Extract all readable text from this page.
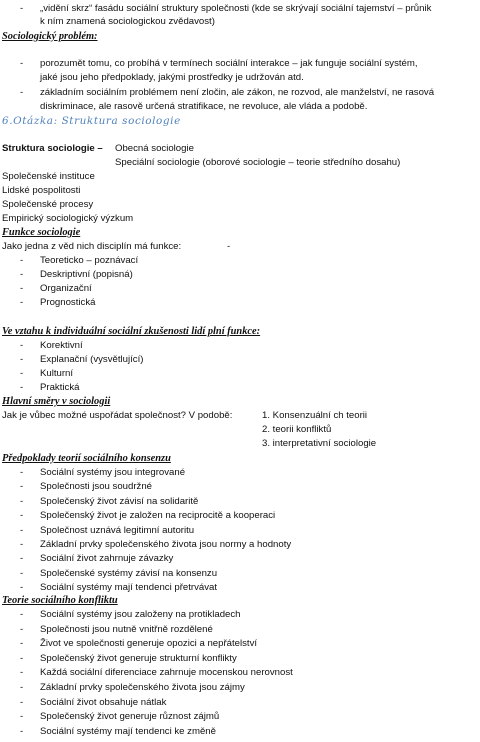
- „vidění skrz“ fasádu sociální struktury společnosti (kde se skrývají sociální tajemství – průnik
k ním znamená sociologickou zvědavost)
Sociologický problém:
- porozumět tomu, co probíhá v termínech sociální interakce – jak funguje sociální systém,
jaké jsou jeho předpoklady, jakými prostředky je udržován atd.
- základním sociálním problémem není zločin, ale zákon, ne rozvod, ale manželství, ne rasová
diskriminace, ale rasově určená stratifikace, ne revoluce, ale vláda a podobě.
6.Otázka: Struktura sociologie
Struktura sociologie – Obecná sociologie
Speciální sociologie (oborové sociologie – teorie středního dosahu)
Společenské instituce
Lidské pospolitosti
Společenské procesy
Empirický sociologický výzkum
Funkce sociologie
Jako jedna z věd nich disciplín má funkce:	-
- Teoreticko – poznávací
- Deskriptivní (popisná)
- Organizační
- Prognostická
Ve vztahu k individuální sociální zkušenosti lidí plní funkce:
- Korektivní
- Explanační (vysvětlující)
- Kulturní
- Praktická
Hlavní směry v sociologii
Jak je vůbec možné uspořádat společnost? V podobě:	1. Konsenzuální ch teorii
2. teorii konfliktů
3. interpretativní sociologie
Předpoklady teorií sociálního konsenzu
- Sociální systémy jsou integrované
- Společnosti jsou soudržné
- Společenský život závisí na solidaritě
- Společenský život je založen na reciprocitě a kooperaci
- Společnost uznává legitimní autoritu
- Základní prvky společenského života jsou normy a hodnoty
- Sociální život zahrnuje závazky
- Společenské systémy závisí na konsenzu
- Sociální systémy mají tendenci přetrvávat
Teorie sociálního konfliktu
- Sociální systémy jsou založeny na protikladech
- Společnosti jsou nutně vnitřně rozdělené
- Život ve společnosti generuje opozici a nepřátelství
- Společenský život generuje strukturní konflikty
- Každá sociální diferenciace zahrnuje mocenskou nerovnost
- Základní prvky společenského života jsou zájmy
- Sociální život obsahuje nátlak
- Společenský život generuje různost zájmů
- Sociální systémy mají tendenci ke změně
